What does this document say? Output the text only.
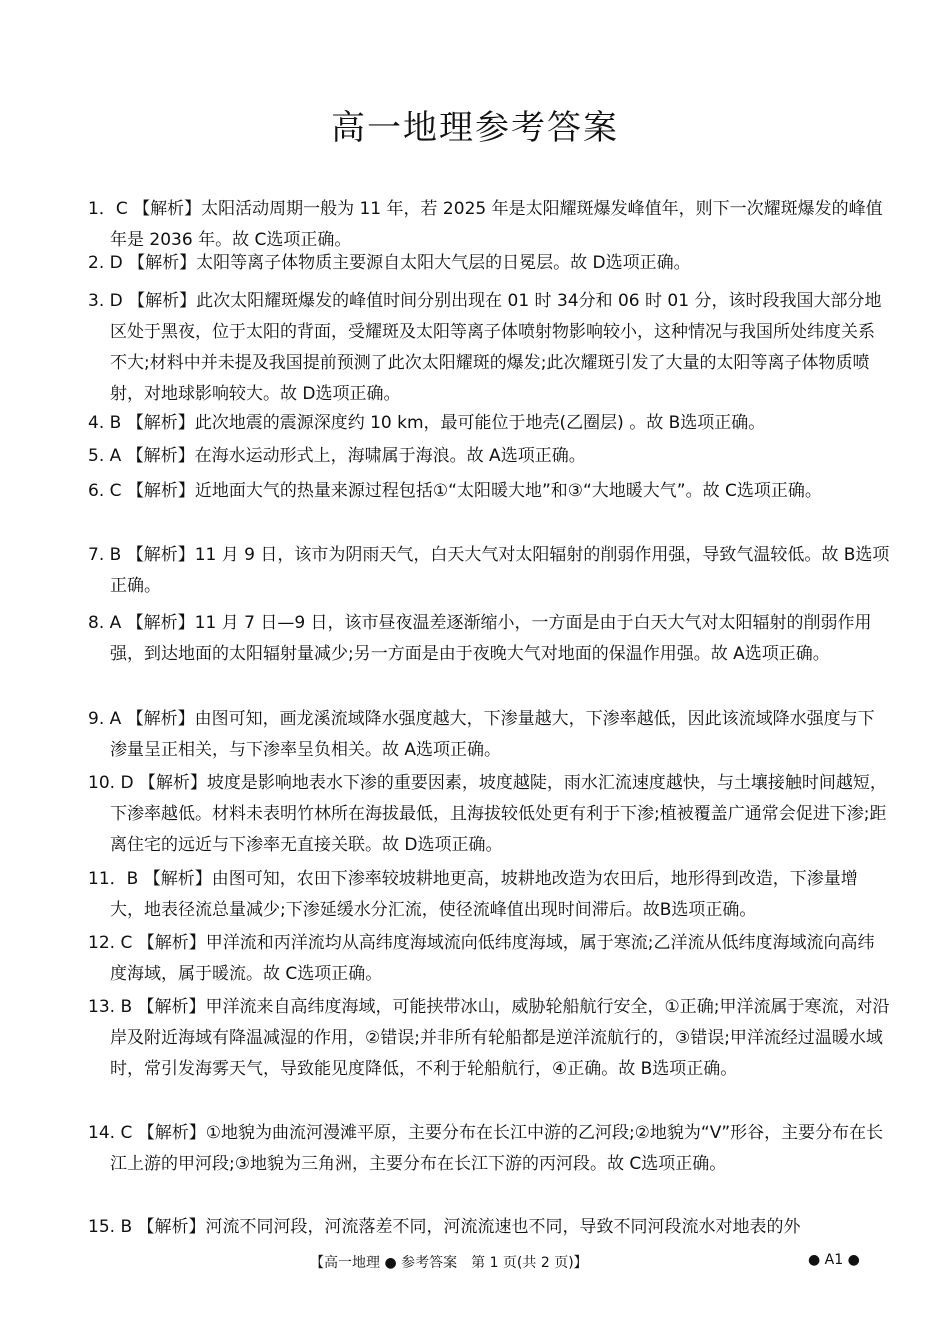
高一地理参考答案
1．C 【解析】太阳活动周期一般为 11 年，若 2025 年是太阳耀斑爆发峰值年，则下一次耀斑爆发的峰值年是 2036 年。故 C选项正确。
2. D 【解析】太阳等离子体物质主要源自太阳大气层的日冕层。故 D选项正确。
3. D 【解析】此次太阳耀斑爆发的峰值时间分别出现在 01 时 34分和 06 时 01 分，该时段我国大部分地区处于黑夜，位于太阳的背面，受耀斑及太阳等离子体喷射物影响较小，这种情况与我国所处纬度关系不大;材料中并未提及我国提前预测了此次太阳耀斑的爆发;此次耀斑引发了大量的太阳等离子体物质喷射，对地球影响较大。故 D选项正确。
4. B 【解析】此次地震的震源深度约 10 km，最可能位于地壳(乙圈层) 。故 B选项正确。
5. A 【解析】在海水运动形式上，海啸属于海浪。故 A选项正确。
6. C 【解析】近地面大气的热量来源过程包括①“太阳暖大地”和③“大地暖大气”。故 C选项正确。
7. B 【解析】11 月 9 日，该市为阴雨天气，白天大气对太阳辐射的削弱作用强，导致气温较低。故 B选项正确。
8. A 【解析】11 月 7 日—9 日，该市昼夜温差逐渐缩小，一方面是由于白天大气对太阳辐射的削弱作用强，到达地面的太阳辐射量减少;另一方面是由于夜晚大气对地面的保温作用强。故 A选项正确。
9. A 【解析】由图可知，画龙溪流域降水强度越大，下渗量越大，下渗率越低，因此该流域降水强度与下渗量呈正相关，与下渗率呈负相关。故 A选项正确。
10. D 【解析】坡度是影响地表水下渗的重要因素，坡度越陡，雨水汇流速度越快，与土壤接触时间越短，下渗率越低。材料未表明竹林所在海拔最低，且海拔较低处更有利于下渗;植被覆盖广通常会促进下渗;距离住宅的远近与下渗率无直接关联。故 D选项正确。
11．B 【解析】由图可知，农田下渗率较坡耕地更高，坡耕地改造为农田后，地形得到改造，下渗量增大，地表径流总量减少;下渗延缓水分汇流，使径流峰值出现时间滞后。故B选项正确。
12. C 【解析】甲洋流和丙洋流均从高纬度海域流向低纬度海域，属于寒流;乙洋流从低纬度海域流向高纬度海域，属于暖流。故 C选项正确。
13. B 【解析】甲洋流来自高纬度海域，可能挟带冰山，威胁轮船航行安全，①正确;甲洋流属于寒流，对沿岸及附近海域有降温减湿的作用，②错误;并非所有轮船都是逆洋流航行的，③错误;甲洋流经过温暖水域时，常引发海雾天气，导致能见度降低，不利于轮船航行，④正确。故 B选项正确。
14. C 【解析】①地貌为曲流河漫滩平原，主要分布在长江中游的乙河段;②地貌为“V”形谷，主要分布在长江上游的甲河段;③地貌为三角洲，主要分布在长江下游的丙河段。故 C选项正确。
15. B 【解析】河流不同河段，河流落差不同，河流流速也不同，导致不同河段流水对地表的外
【高一地理 ● 参考答案　第 1 页(共 2 页)】	● A1 ●
